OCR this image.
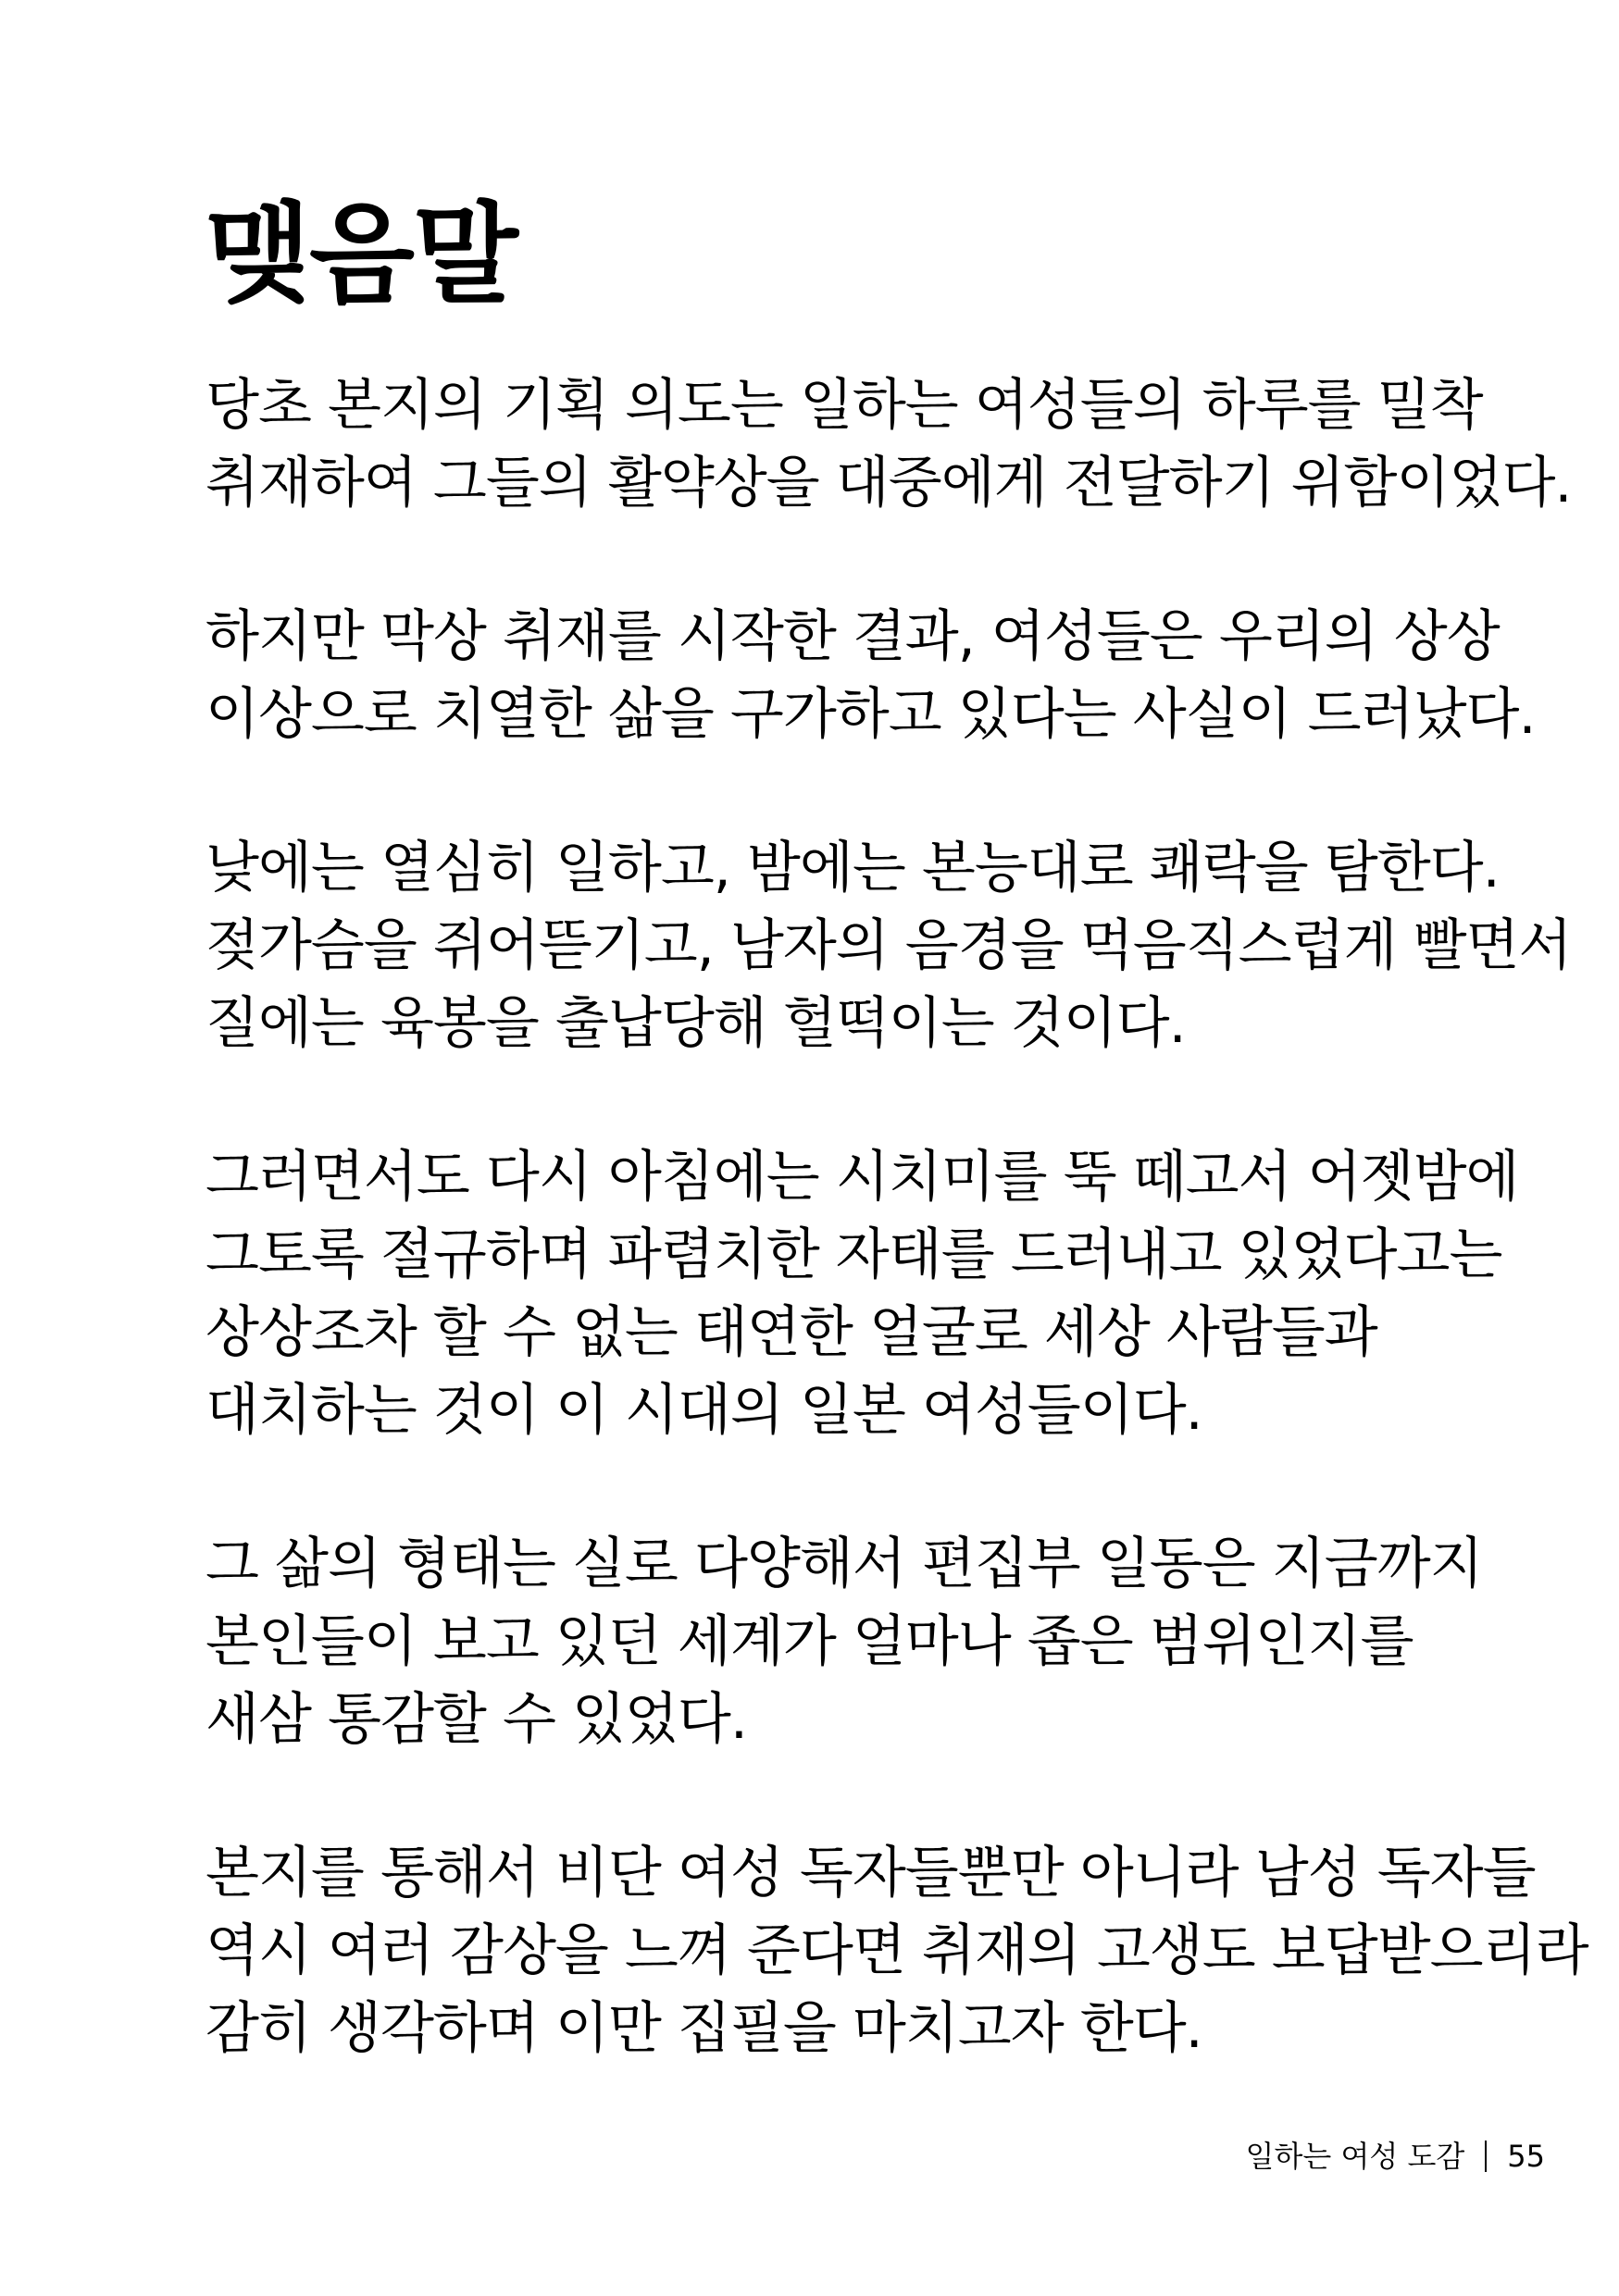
맺음말

당초 본지의 기획 의도는 일하는 여성들의 하루를 밀착
취재하여 그들의 활약상을 대중에게 전달하기 위함이었다.

하지만 막상 취재를 시작한 결과, 여성들은 우리의 상상
이상으로 치열한 삶을 구가하고 있다는 사실이 드러났다.

낮에는 열심히 일하고, 밤에는 본능대로 쾌락을 탐한다.
젖가슴을 쥐어뜯기고, 남자의 음경을 먹음직스럽게 빨면서
질에는 육봉을 출납당해 헐떡이는 것이다.

그러면서도 다시 아침에는 시치미를 뚝 떼고서 어젯밤에
그토록 절규하며 파렴치한 자태를 드러내고 있었다고는
상상조차 할 수 없는 태연한 얼굴로 세상 사람들과
대치하는 것이 이 시대의 일본 여성들이다.

그 삶의 형태는 실로 다양해서 편집부 일동은 지금까지
본인들이 보고 있던 세계가 얼마나 좁은 범위인지를
새삼 통감할 수 있었다.

본지를 통해서 비단 여성 독자들뿐만 아니라 남성 독자들
역시 여러 감상을 느껴 준다면 취재의 고생도 보답받으리라
감히 생각하며 이만 집필을 마치고자 한다.

일하는 여성 도감 55
